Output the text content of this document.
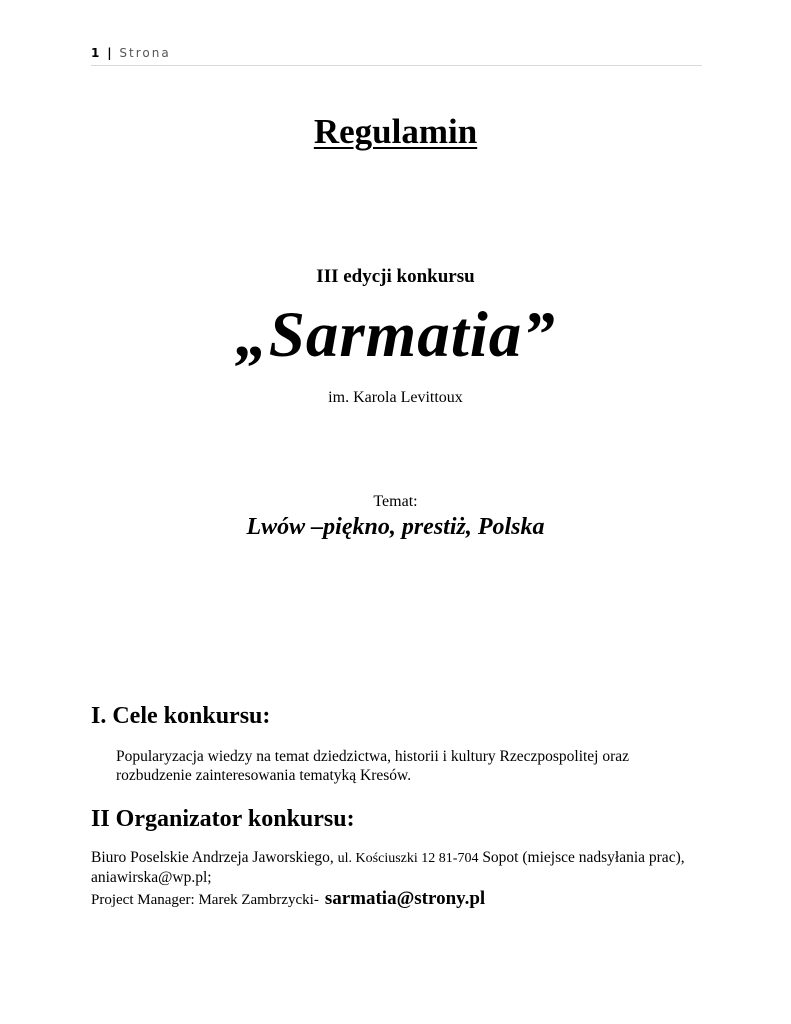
1 | Strona
Regulamin
III edycji konkursu
„Sarmatia”
im. Karola Levittoux
Temat:
Lwów –piękno, prestiż, Polska
I. Cele konkursu:
Popularyzacja wiedzy na temat dziedzictwa, historii i kultury Rzeczpospolitej oraz rozbudzenie zainteresowania tematyką Kresów.
II Organizator konkursu:
Biuro Poselskie Andrzeja Jaworskiego, ul. Kościuszki 12 81-704 Sopot (miejsce nadsyłania prac), aniawirska@wp.pl;
Project Manager: Marek Zambrzycki- sarmatia@strony.pl
